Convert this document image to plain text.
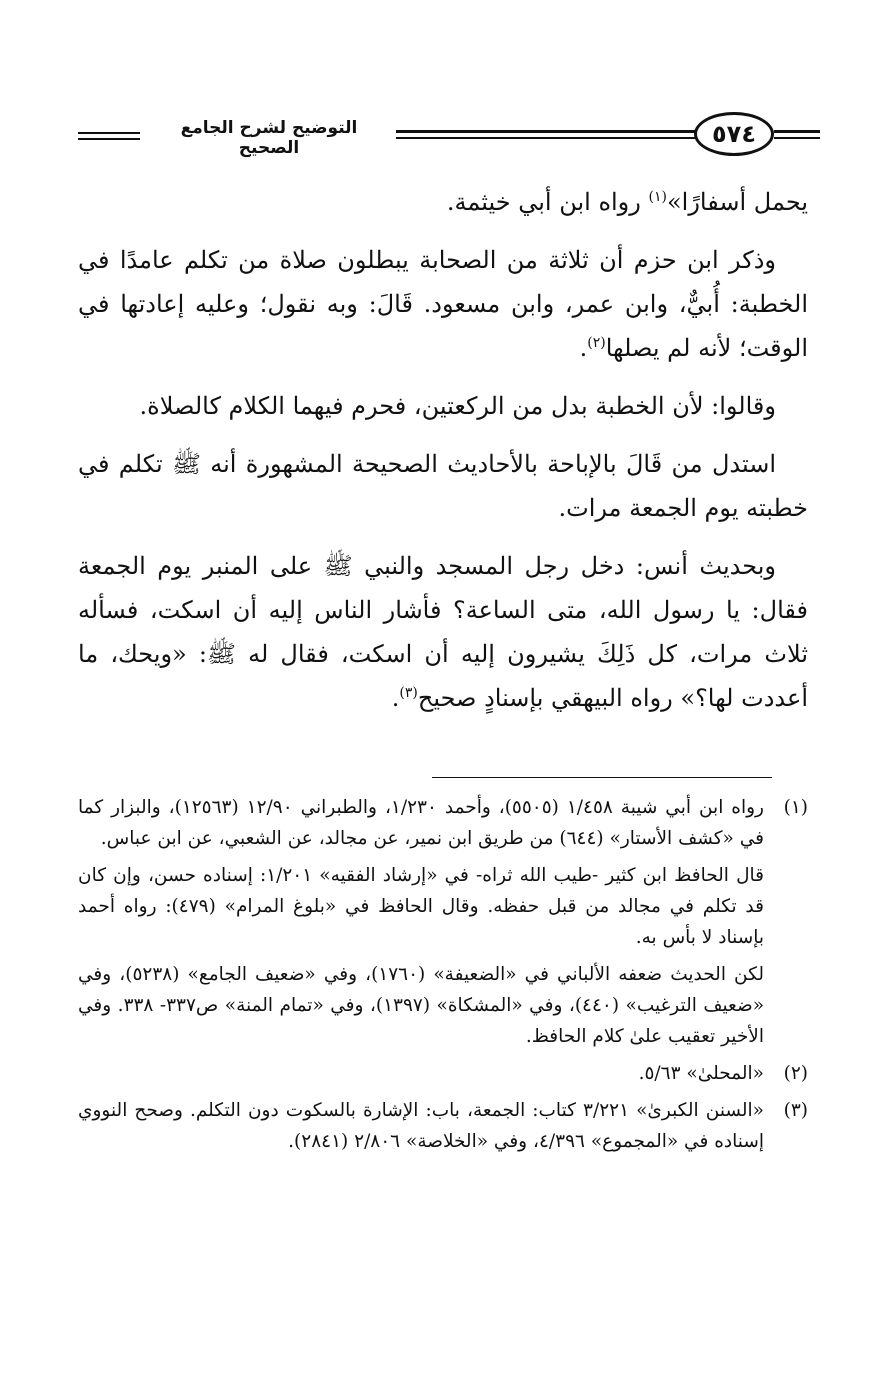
التوضيح لشرح الجامع الصحيح	٥٧٤

يحمل أسفارًا»$^{(١)}$ رواه ابن أبي خيثمة.

وذكر ابن حزم أن ثلاثة من الصحابة يبطلون صلاة من تكلم عامدًا في الخطبة: أُبيٌّ، وابن عمر، وابن مسعود. قَالَ: وبه نقول؛ وعليه إعادتها في الوقت؛ لأنه لم يصلها$^{(٢)}$.

وقالوا: لأن الخطبة بدل من الركعتين، فحرم فيهما الكلام كالصلاة.

استدل من قَالَ بالإباحة بالأحاديث الصحيحة المشهورة أنه ﷺ تكلم في خطبته يوم الجمعة مرات.

وبحديث أنس: دخل رجل المسجد والنبي ﷺ على المنبر يوم الجمعة فقال: يا رسول الله، متى الساعة؟ فأشار الناس إليه أن اسكت، فسأله ثلاث مرات، كل ذَلِكَ يشيرون إليه أن اسكت، فقال له ﷺ: «ويحك، ما أعددت لها؟» رواه البيهقي بإسنادٍ صحيح$^{(٣)}$.

(١)

رواه ابن أبي شيبة ١/٤٥٨ (٥٥٠٥)، وأحمد ١/٢٣٠، والطبراني ١٢/٩٠ (١٢٥٦٣)، والبزار كما في «كشف الأستار» (٦٤٤) من طريق ابن نمير، عن مجالد، عن الشعبي، عن ابن عباس.

قال الحافظ ابن كثير -طيب الله ثراه- في «إرشاد الفقيه» ١/٢٠١: إسناده حسن، وإن كان قد تكلم في مجالد من قبل حفظه. وقال الحافظ في «بلوغ المرام» (٤٧٩): رواه أحمد بإسناد لا بأس به.

لكن الحديث ضعفه الألباني في «الضعيفة» (١٧٦٠)، وفي «ضعيف الجامع» (٥٢٣٨)، وفي «ضعيف الترغيب» (٤٤٠)، وفي «المشكاة» (١٣٩٧)، وفي «تمام المنة» ص٣٣٧- ٣٣٨. وفي الأخير تعقيب علىٰ كلام الحافظ.

(٢)

«المحلىٰ» ٥/٦٣.

(٣)

«السنن الكبرىٰ» ٣/٢٢١ كتاب: الجمعة، باب: الإشارة بالسكوت دون التكلم. وصحح النووي إسناده في «المجموع» ٤/٣٩٦، وفي «الخلاصة» ٢/٨٠٦ (٢٨٤١).
